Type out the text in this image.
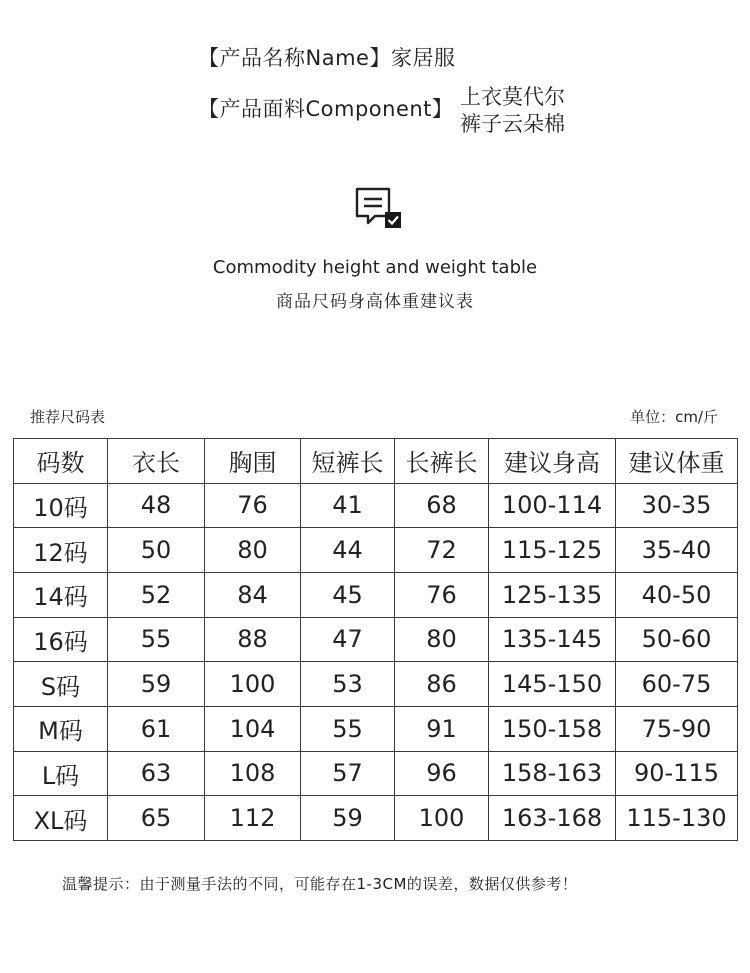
【产品名称Name】家居服
【产品面料Component】 上衣莫代尔
裤子云朵棉
Commodity height and weight table
商品尺码身高体重建议表
推荐尺码表	单位：cm/斤
码数	衣长	胸围	短裤长	长裤长	建议身高	建议体重
10码	48	76	41	68	100-114	30-35
12码	50	80	44	72	115-125	35-40
14码	52	84	45	76	125-135	40-50
16码	55	88	47	80	135-145	50-60
S码	59	100	53	86	145-150	60-75
M码	61	104	55	91	150-158	75-90
L码	63	108	57	96	158-163	90-115
XL码	65	112	59	100	163-168	115-130
温馨提示：由于测量手法的不同，可能存在1-3CM的误差，数据仅供参考！
